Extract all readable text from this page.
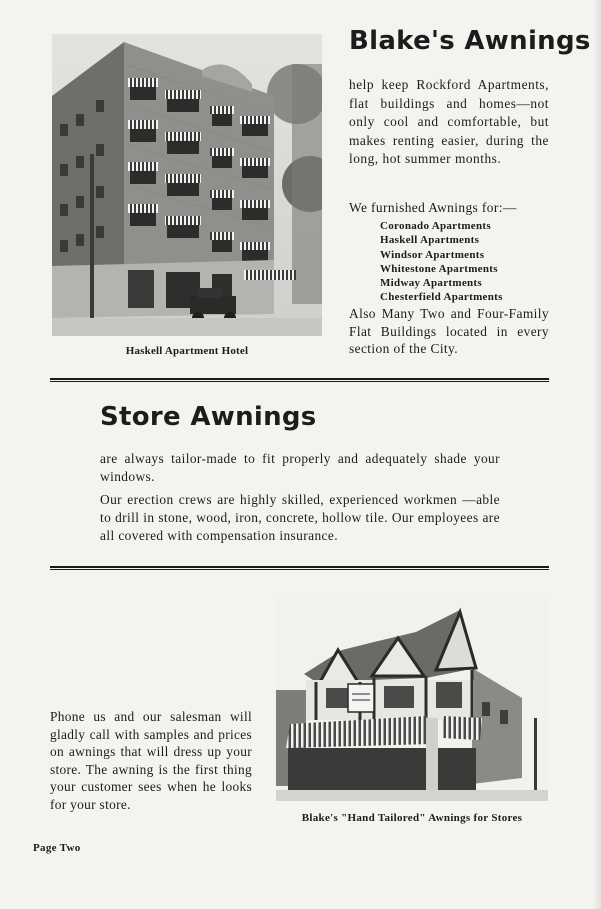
Haskell Apartment Hotel
Blake's Awnings

help keep Rockford Apartments, flat buildings and homes—not only cool and comfortable, but makes renting easier, during the long, hot summer months.

We furnished Awnings for:—

Coronado Apartments
Haskell Apartments
Windsor Apartments
Whitestone Apartments
Midway Apartments
Chesterfield Apartments

Also Many Two and Four-Family Flat Buildings located in every section of the City.

Store Awnings

are always tailor-made to fit properly and adequately shade your windows.

Our erection crews are highly skilled, experienced workmen —able to drill in stone, wood, iron, concrete, hollow tile. Our employees are all covered with compensation insurance.

Phone us and our salesman will gladly call with samples and prices on awnings that will dress up your store. The awning is the first thing your customer sees when he looks for your store.

Blake's "Hand Tailored" Awnings for Stores
Page Two
